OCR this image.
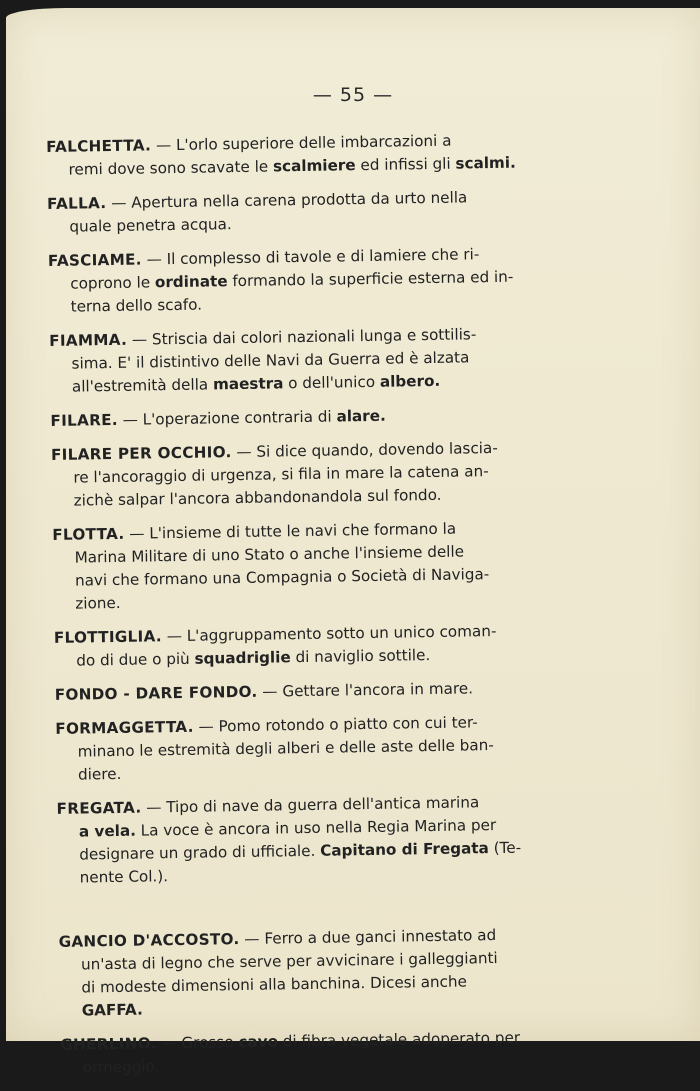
— 55 —
FALCHETTA. — L'orlo superiore delle imbarcazioni a
remi dove sono scavate le scalmiere ed infissi gli scalmi.
FALLA. — Apertura nella carena prodotta da urto nella
quale penetra acqua.
FASCIAME. — Il complesso di tavole e di lamiere che ri-
coprono le ordinate formando la superficie esterna ed in-
terna dello scafo.
FIAMMA. — Striscia dai colori nazionali lunga e sottilis-
sima. E' il distintivo delle Navi da Guerra ed è alzata
all'estremità della maestra o dell'unico albero.
FILARE. — L'operazione contraria di alare.
FILARE PER OCCHIO. — Si dice quando, dovendo lascia-
re l'ancoraggio di urgenza, si fila in mare la catena an-
zichè salpar l'ancora abbandonandola sul fondo.
FLOTTA. — L'insieme di tutte le navi che formano la
Marina Militare di uno Stato o anche l'insieme delle
navi che formano una Compagnia o Società di Naviga-
zione.
FLOTTIGLIA. — L'aggruppamento sotto un unico coman-
do di due o più squadriglie di naviglio sottile.
FONDO - DARE FONDO. — Gettare l'ancora in mare.
FORMAGGETTA. — Pomo rotondo o piatto con cui ter-
minano le estremità degli alberi e delle aste delle ban-
diere.
FREGATA. — Tipo di nave da guerra dell'antica marina
a vela. La voce è ancora in uso nella Regia Marina per
designare un grado di ufficiale. Capitano di Fregata (Te-
nente Col.).
GANCIO D'ACCOSTO. — Ferro a due ganci innestato ad
un'asta di legno che serve per avvicinare i galleggianti
di modeste dimensioni alla banchina. Dicesi anche
GAFFA.
GHERLINO. — Grosso cavo di fibra vegetale adoperato per
ormeggio.
